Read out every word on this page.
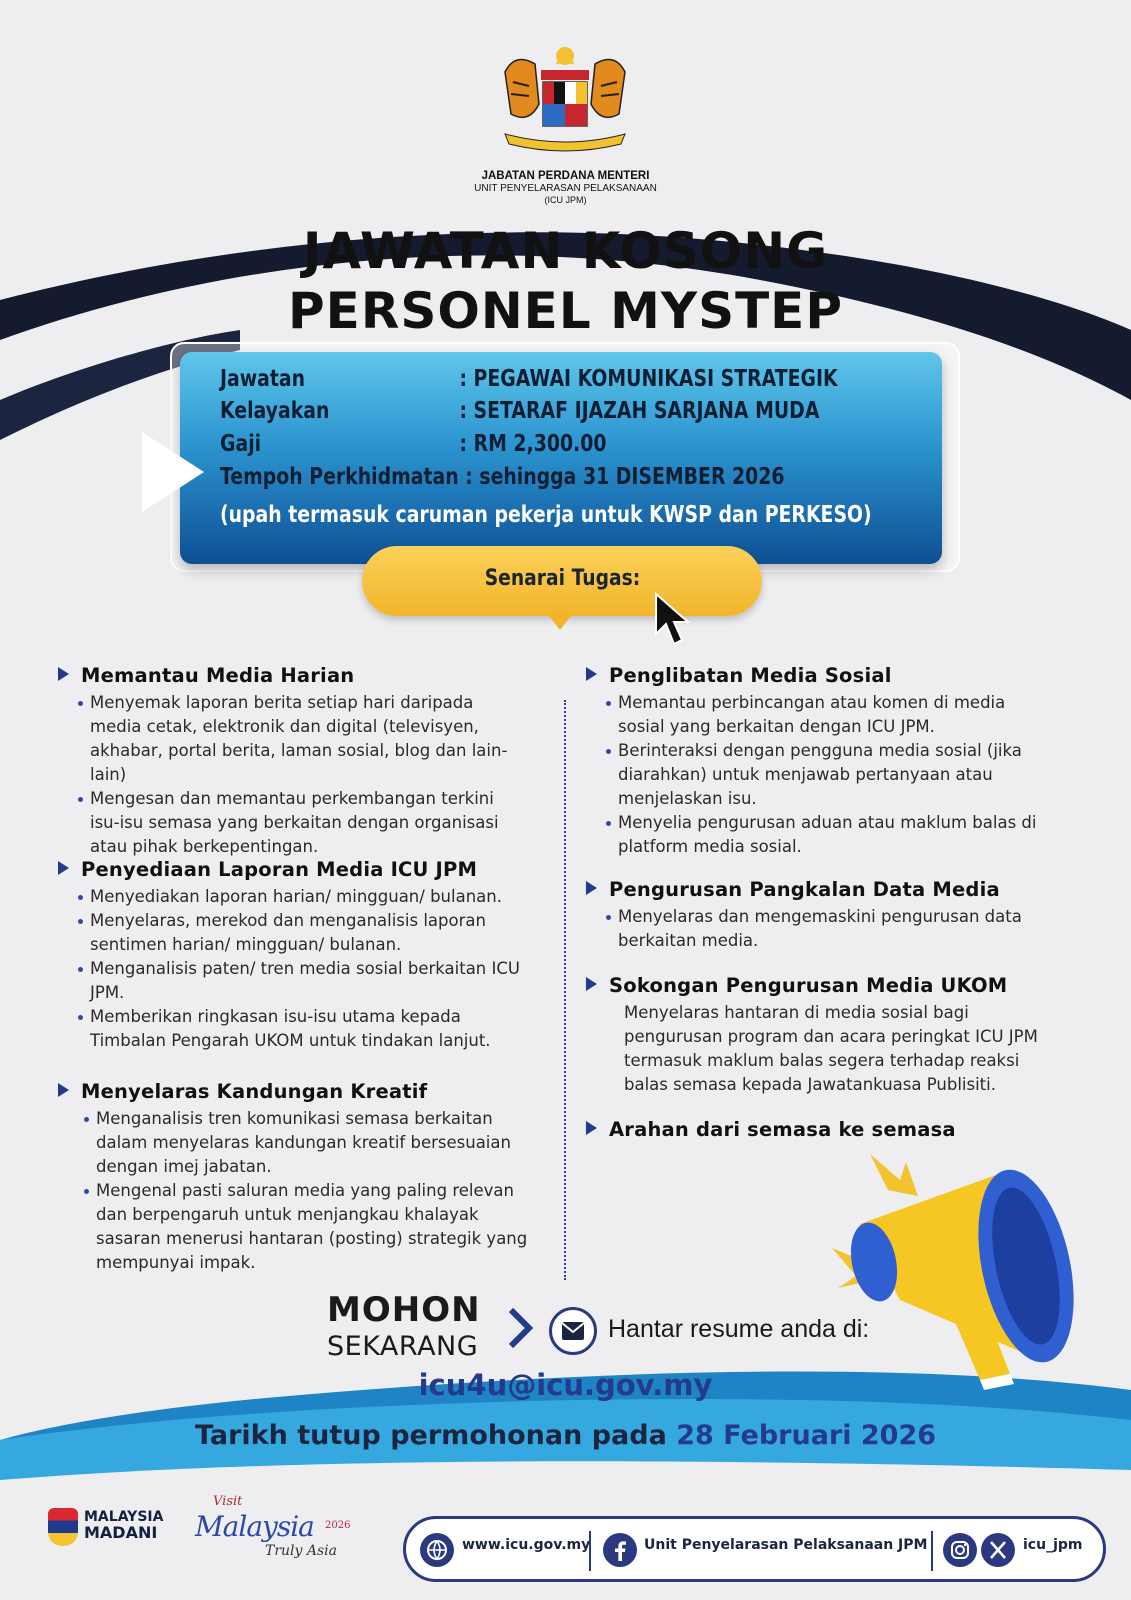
JABATAN PERDANA MENTERI
UNIT PENYELARASAN PELAKSANAAN
(ICU JPM)
JAWATAN KOSONG
PERSONEL MYSTEP
Jawatan	: PEGAWAI KOMUNIKASI STRATEGIK
Kelayakan	: SETARAF IJAZAH SARJANA MUDA
Gaji	: RM 2,300.00
Tempoh Perkhidmatan : sehingga 31 DISEMBER 2026
(upah termasuk caruman pekerja untuk KWSP dan PERKESO)
Senarai Tugas:
Memantau Media Harian
Menyemak laporan berita setiap hari daripada media cetak, elektronik dan digital (televisyen, akhabar, portal berita, laman sosial, blog dan lain-lain)
Mengesan dan memantau perkembangan terkini isu-isu semasa yang berkaitan dengan organisasi atau pihak berkepentingan.
Penyediaan Laporan Media ICU JPM
Menyediakan laporan harian/ mingguan/ bulanan.
Menyelaras, merekod dan menganalisis laporan sentimen harian/ mingguan/ bulanan.
Menganalisis paten/ tren media sosial berkaitan ICU JPM.
Memberikan ringkasan isu-isu utama kepada Timbalan Pengarah UKOM untuk tindakan lanjut.
Menyelaras Kandungan Kreatif
Menganalisis tren komunikasi semasa berkaitan dalam menyelaras kandungan kreatif bersesuaian dengan imej jabatan.
Mengenal pasti saluran media yang paling relevan dan berpengaruh untuk menjangkau khalayak sasaran menerusi hantaran (posting) strategik yang mempunyai impak.
Penglibatan Media Sosial
Memantau perbincangan atau komen di media sosial yang berkaitan dengan ICU JPM.
Berinteraksi dengan pengguna media sosial (jika diarahkan) untuk menjawab pertanyaan atau menjelaskan isu.
Menyelia pengurusan aduan atau maklum balas di platform media sosial.
Pengurusan Pangkalan Data Media
Menyelaras dan mengemaskini pengurusan data berkaitan media.
Sokongan Pengurusan Media UKOM
Menyelaras hantaran di media sosial bagi pengurusan program dan acara peringkat ICU JPM termasuk maklum balas segera terhadap reaksi balas semasa kepada Jawatankuasa Publisiti.
Arahan dari semasa ke semasa
MOHON
SEKARANG
Hantar resume anda di:
icu4u@icu.gov.my
Tarikh tutup permohonan pada 28 Februari 2026
MALAYSIA
MADANI
Visit
Malaysia 2026
Truly Asia	www.icu.gov.my	Unit Penyelarasan Pelaksanaan JPM	icu_jpm
